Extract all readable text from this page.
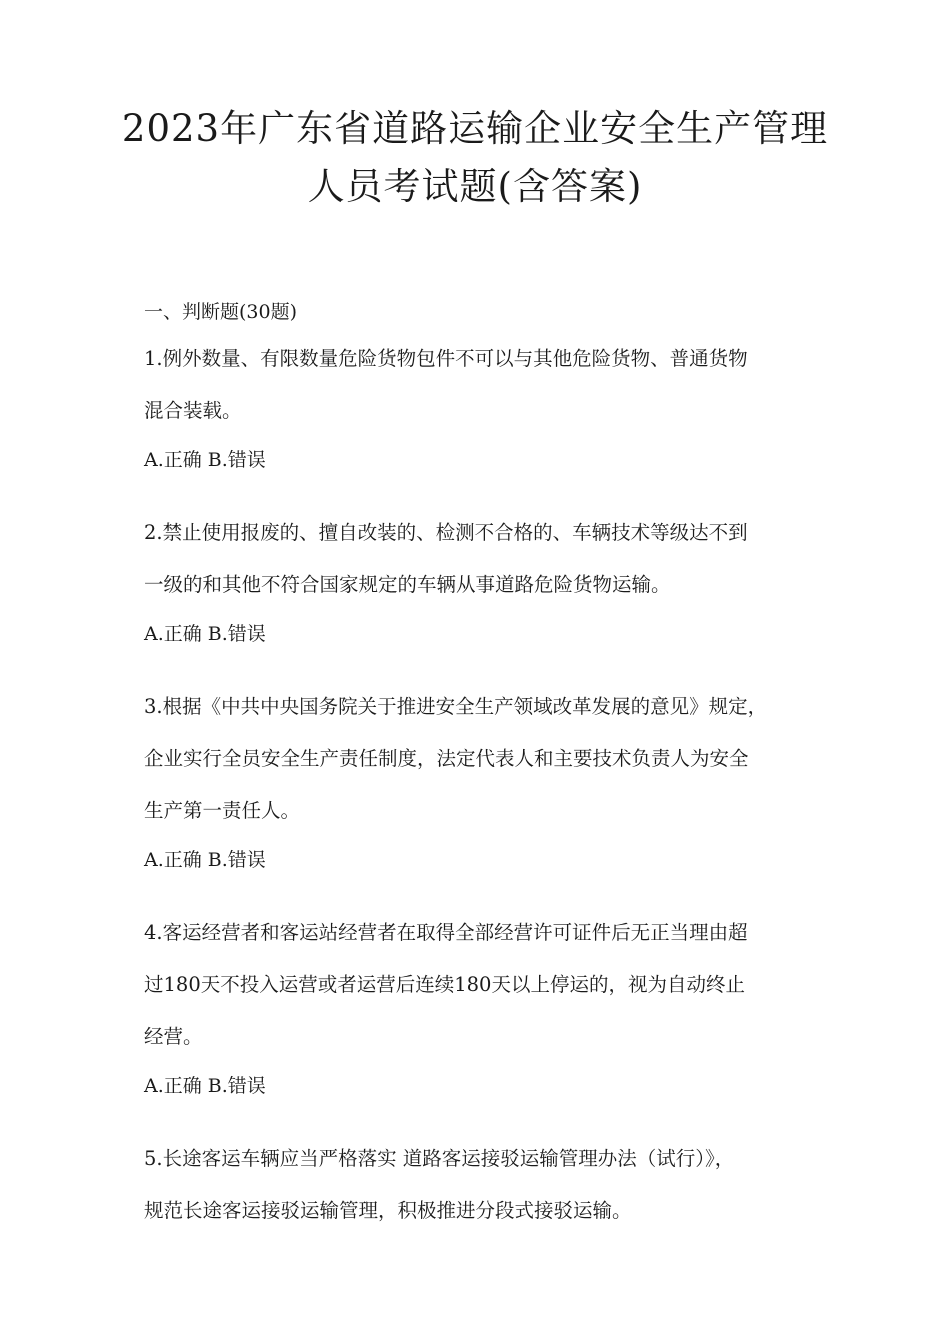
2023年广东省道路运输企业安全生产管理
人员考试题(含答案)
一、判断题(30题)
1.例外数量、有限数量危险货物包件不可以与其他危险货物、普通货物
混合装载。
A.正确 B.错误
2.禁止使用报废的、擅自改装的、检测不合格的、车辆技术等级达不到
一级的和其他不符合国家规定的车辆从事道路危险货物运输。
A.正确 B.错误
3.根据《中共中央国务院关于推进安全生产领域改革发展的意见》规定，
企业实行全员安全生产责任制度，法定代表人和主要技术负责人为安全
生产第一责任人。
A.正确 B.错误
4.客运经营者和客运站经营者在取得全部经营许可证件后无正当理由超
过180天不投入运营或者运营后连续180天以上停运的，视为自动终止
经营。
A.正确 B.错误
5.长途客运车辆应当严格落实 道路客运接驳运输管理办法（试行）》，
规范长途客运接驳运输管理，积极推进分段式接驳运输。
